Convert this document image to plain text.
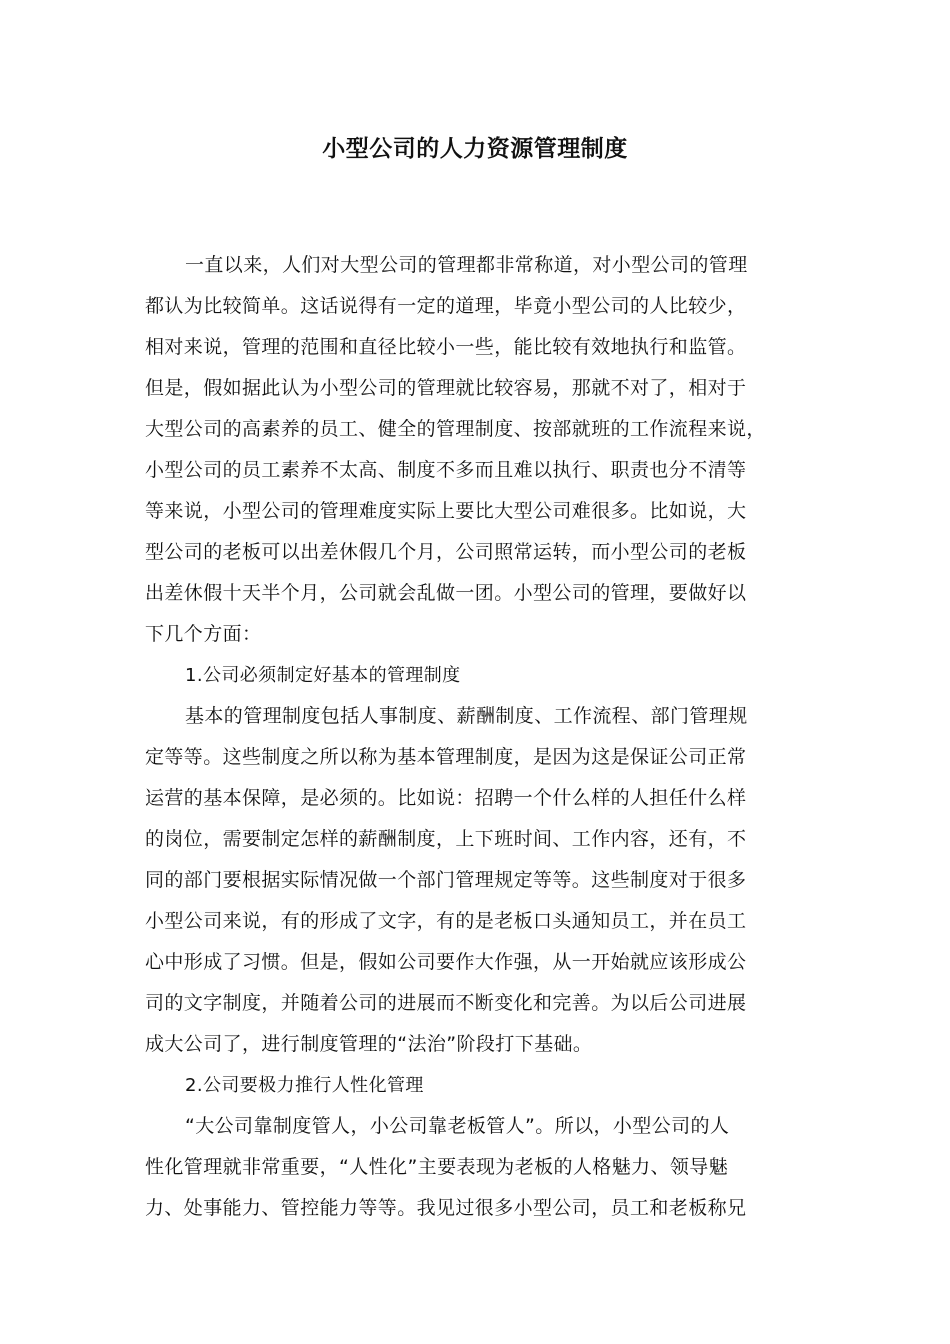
小型公司的人力资源管理制度
一直以来，人们对大型公司的管理都非常称道，对小型公司的管理
都认为比较简单。这话说得有一定的道理，毕竟小型公司的人比较少，
相对来说，管理的范围和直径比较小一些，能比较有效地执行和监管。
但是，假如据此认为小型公司的管理就比较容易，那就不对了，相对于
大型公司的高素养的员工、健全的管理制度、按部就班的工作流程来说，
小型公司的员工素养不太高、制度不多而且难以执行、职责也分不清等
等来说，小型公司的管理难度实际上要比大型公司难很多。比如说，大
型公司的老板可以出差休假几个月，公司照常运转，而小型公司的老板
出差休假十天半个月，公司就会乱做一团。小型公司的管理，要做好以
下几个方面：
1.公司必须制定好基本的管理制度
基本的管理制度包括人事制度、薪酬制度、工作流程、部门管理规
定等等。这些制度之所以称为基本管理制度，是因为这是保证公司正常
运营的基本保障，是必须的。比如说：招聘一个什么样的人担任什么样
的岗位，需要制定怎样的薪酬制度，上下班时间、工作内容，还有，不
同的部门要根据实际情况做一个部门管理规定等等。这些制度对于很多
小型公司来说，有的形成了文字，有的是老板口头通知员工，并在员工
心中形成了习惯。但是，假如公司要作大作强，从一开始就应该形成公
司的文字制度，并随着公司的进展而不断变化和完善。为以后公司进展
成大公司了，进行制度管理的“法治”阶段打下基础。
2.公司要极力推行人性化管理
“大公司靠制度管人，小公司靠老板管人”。所以，小型公司的人
性化管理就非常重要，“人性化”主要表现为老板的人格魅力、领导魅
力、处事能力、管控能力等等。我见过很多小型公司，员工和老板称兄
